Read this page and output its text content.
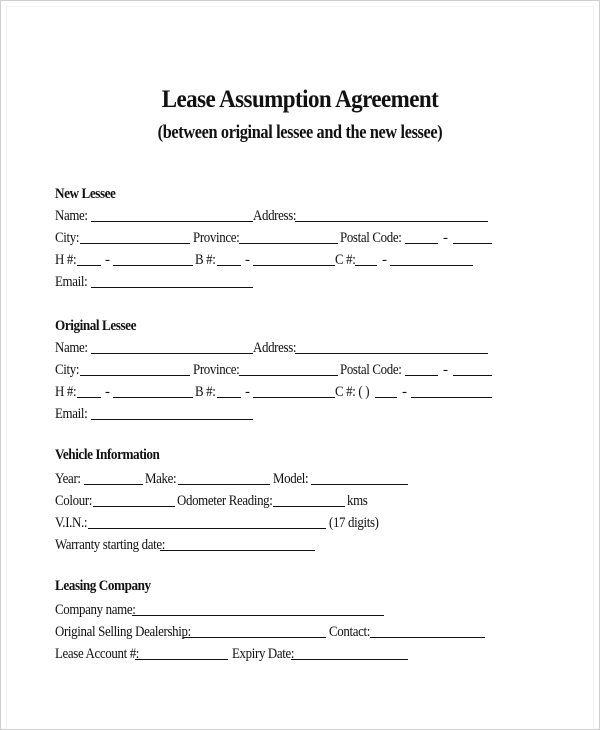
Lease Assumption Agreement
(between original lessee and the new lessee)
New Lessee
Name:	Address:
City:	Province:	Postal Code:	-
H #: -	B #: -	C #: -
Email:
Original Lessee
Name:	Address:
City:	Province:	Postal Code:	-
H #: -	B #: -	C #: ( ) -
Email:
Vehicle Information
Year:	Make:	Model:
Colour:	Odometer Reading:	kms
V.I.N.:	(17 digits)
Warranty starting date:
Leasing Company
Company name:
Original Selling Dealership:	Contact:
Lease Account #:	Expiry Date:
